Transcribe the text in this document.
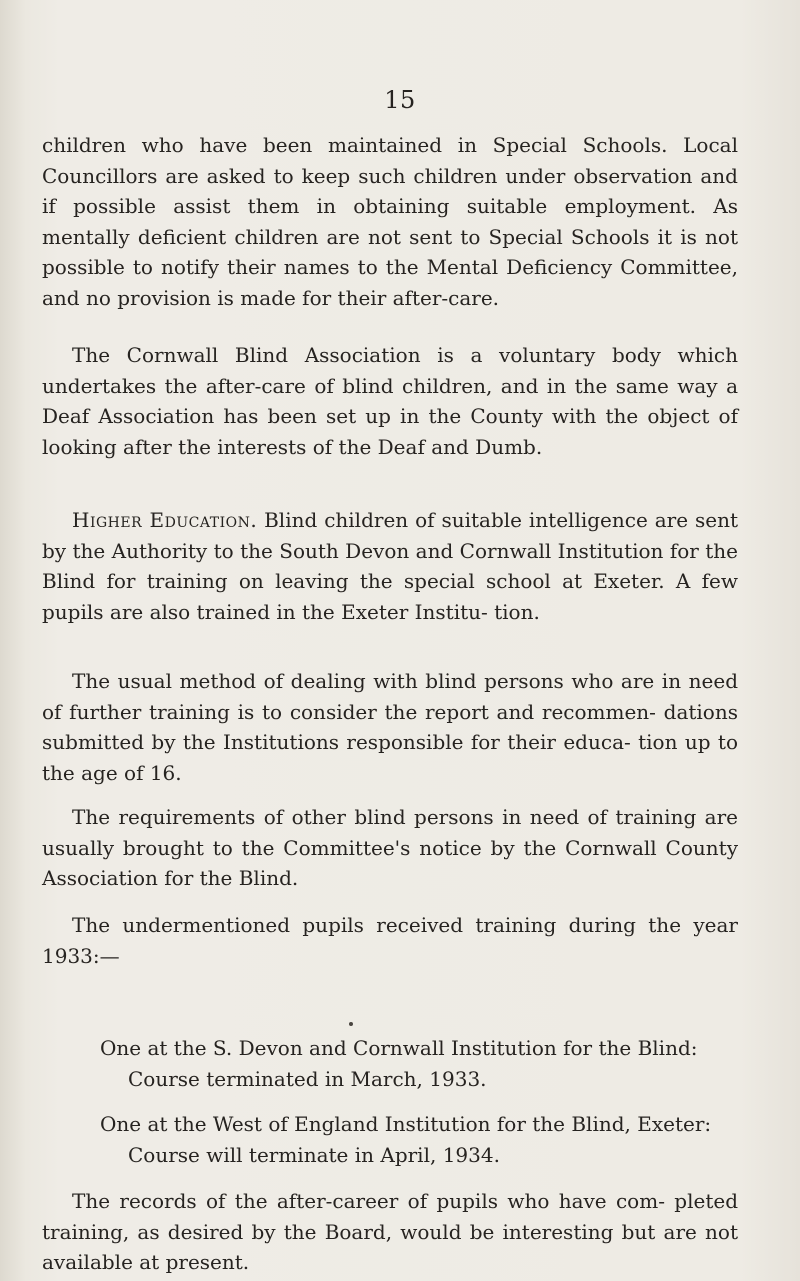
15

children who have been maintained in Special Schools. Local Councillors are asked to keep such children under observation and if possible assist them in obtaining suitable employment. As mentally deficient children are not sent to Special Schools it is not possible to notify their names to the Mental Deficiency Committee, and no provision is made for their after-care.

The Cornwall Blind Association is a voluntary body which undertakes the after-care of blind children, and in the same way a Deaf Association has been set up in the County with the object of looking after the interests of the Deaf and Dumb.

Higher Education. Blind children of suitable intelligence are sent by the Authority to the South Devon and Cornwall Institution for the Blind for training on leaving the special school at Exeter. A few pupils are also trained in the Exeter Institu- tion.

The usual method of dealing with blind persons who are in need of further training is to consider the report and recommen- dations submitted by the Institutions responsible for their educa- tion up to the age of 16.

The requirements of other blind persons in need of training are usually brought to the Committee's notice by the Cornwall County Association for the Blind.

The undermentioned pupils received training during the year 1933:—

One at the S. Devon and Cornwall Institution for the Blind: Course terminated in March, 1933.

One at the West of England Institution for the Blind, Exeter: Course will terminate in April, 1934.

The records of the after-career of pupils who have com- pleted training, as desired by the Board, would be interesting but are not available at present.
